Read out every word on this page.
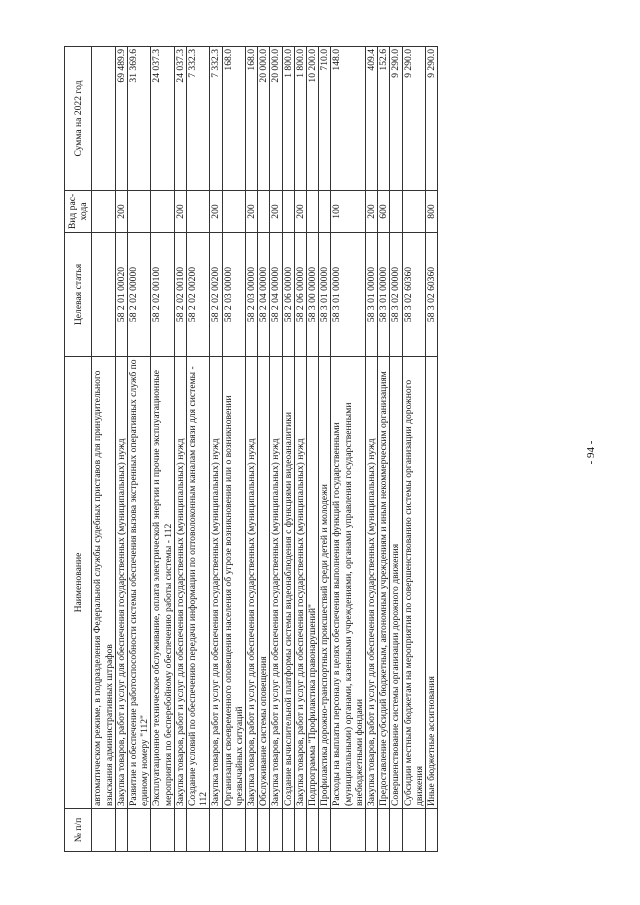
№ п/п	Наименование	Целевая статья	Вид рас-хода	Сумма на 2022 год
	автоматическом режиме, в подразделения Федеральной службы судебных приставов для принудительного взыскания административных штрафов			
	Закупка товаров, работ и услуг для обеспечения государственных (муниципальных) нужд	58 2 01 00020	200	69 489.9
	Развитие и обеспечение работоспособности системы обеспечения вызова экстренных оперативных служб по единому номеру "112"	58 2 02 00000		31 369.6
	Эксплуатационное техническое обслуживание, оплата электрической энергии и прочие эксплуатационные мероприятия по бесперебойному обеспечению работы системы - 112	58 2 02 00100		24 037.3
	Закупка товаров, работ и услуг для обеспечения государственных (муниципальных) нужд	58 2 02 00100	200	24 037.3
	Создание условий по обеспечению передачи информации по оптоволоконным каналам связи для системы - 112	58 2 02 00200		7 332.3
	Закупка товаров, работ и услуг для обеспечения государственных (муниципальных) нужд	58 2 02 00200	200	7 332.3
	Организация своевременного оповещения населения об угрозе возникновения или о возникновении чрезвычайных ситуаций	58 2 03 00000		168.0
	Закупка товаров, работ и услуг для обеспечения государственных (муниципальных) нужд	58 2 03 00000	200	168.0
	Обслуживание системы оповещения	58 2 04 00000		20 000.0
	Закупка товаров, работ и услуг для обеспечения государственных (муниципальных) нужд	58 2 04 00000	200	20 000.0
	Создание вычислительной платформы системы видеонаблюдения с функциями видеоаналитики	58 2 06 00000		1 800.0
	Закупка товаров, работ и услуг для обеспечения государственных (муниципальных) нужд	58 2 06 00000	200	1 800.0
	Подпрограмма "Профилактика правонарушений"	58 3 00 00000		10 200.0
	Профилактика дорожно-транспортных происшествий среди детей и молодежи	58 3 01 00000		710.0
	Расходы на выплаты персоналу в целях обеспечения выполнения функций государственными (муниципальными) органами, казенными учреждениями, органами управления государственными внебюджетными фондами	58 3 01 00000	100	148.0
	Закупка товаров, работ и услуг для обеспечения государственных (муниципальных) нужд	58 3 01 00000	200	409.4
	Предоставление субсидий бюджетным, автономным учреждениям и иным некоммерческим организациям	58 3 01 00000	600	152.6
	Совершенствование системы организации дорожного движения	58 3 02 00000		9 290.0
	Субсидии местным бюджетам на мероприятия по совершенствованию системы организации дорожного движения	58 3 02 60360		9 290.0
	Иные бюджетные ассигнования	58 3 02 60360	800	9 290.0
- 94 -
